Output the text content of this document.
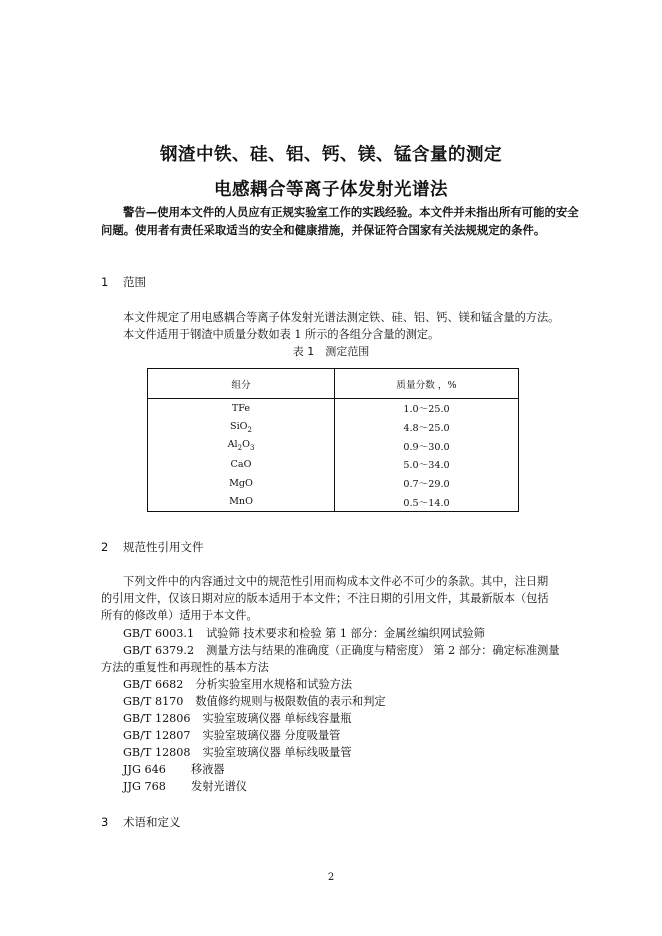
钢渣中铁、硅、铝、钙、镁、锰含量的测定
电感耦合等离子体发射光谱法
警告—使用本文件的人员应有正规实验室工作的实践经验。本文件并未指出所有可能的安全问题。使用者有责任采取适当的安全和健康措施，并保证符合国家有关法规规定的条件。
1 范围
本文件规定了用电感耦合等离子体发射光谱法测定铁、硅、铝、钙、镁和锰含量的方法。
本文件适用于钢渣中质量分数如表 1 所示的各组分含量的测定。
表 1　测定范围
组分	质量分数 ，%
TFe	1.0～25.0
SiO$_2$	4.8～25.0
$Al_2O_3$	0.9～30.0
CaO	5.0～34.0
MgO	0.7～29.0
MnO	0.5～14.0
2 规范性引用文件
下列文件中的内容通过文中的规范性引用而构成本文件必不可少的条款。其中，注日期
的引用文件，仅该日期对应的版本适用于本文件；不注日期的引用文件，其最新版本（包括
所有的修改单）适用于本文件。
GB/T 6003.1 试验筛 技术要求和检验 第 1 部分：金属丝编织网试验筛
GB/T 6379.2 测量方法与结果的准确度（正确度与精密度） 第 2 部分：确定标准测量
方法的重复性和再现性的基本方法
GB/T 6682 分析实验室用水规格和试验方法
GB/T 8170 数值修约规则与极限数值的表示和判定
GB/T 12806 实验室玻璃仪器 单标线容量瓶
GB/T 12807 实验室玻璃仪器 分度吸量管
GB/T 12808 实验室玻璃仪器 单标线吸量管
JJG 646 移液器
JJG 768 发射光谱仪
3 术语和定义
2
